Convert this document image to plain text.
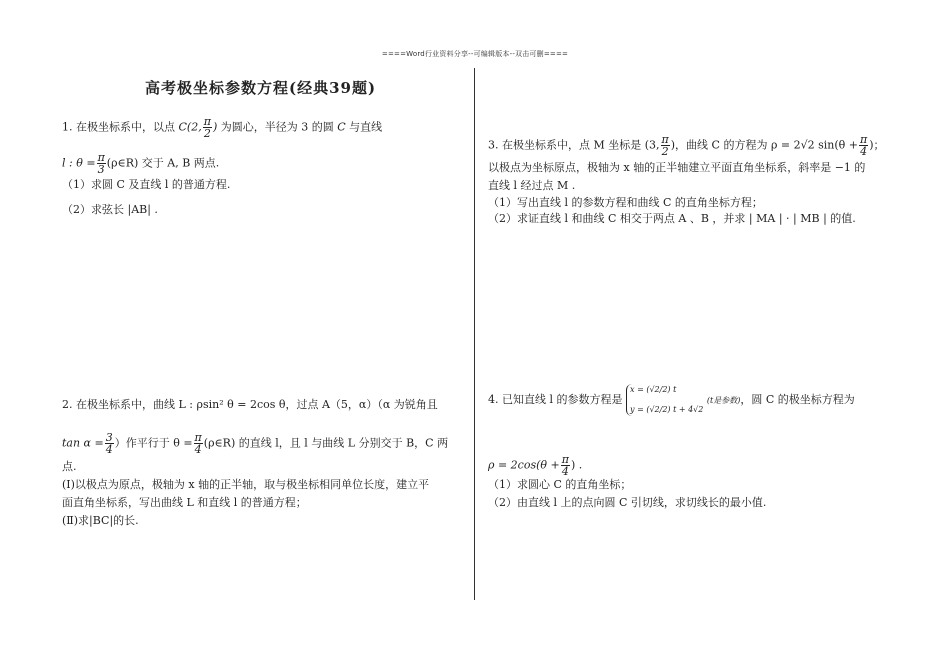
====Word行业资料分享--可编辑版本--双击可删====
高考极坐标参数方程(经典39题)
1. 在极坐标系中，以点 C(2, $\frac{\pi}{2}$ ) 为圆心，半径为 3 的圆 C 与直线
l : $\theta = \frac{\pi}{3}$ (ρ∈R) 交于 A, B 两点.
（1）求圆 C 及直线 l 的普通方程.
（2）求弦长 |AB| .
2. 在极坐标系中，曲线 L : ρsin² θ = 2cos θ，过点 A（5，α）（α 为锐角且
$\tan \alpha = \frac{3}{4}$ ）作平行于 $\theta = \frac{\pi}{4}$ (ρ∈R) 的直线 l，且 l 与曲线 L 分别交于 B，C 两
点.
(Ⅰ)以极点为原点，极轴为 x 轴的正半轴，取与极坐标相同单位长度，建立平
面直角坐标系，写出曲线 L 和直线 l 的普通方程；
(Ⅱ)求|BC|的长.
3. 在极坐标系中，点 M 坐标是 (3, $\frac{\pi}{2}$ )，曲线 C 的方程为 ρ = 2√2 $\sin(\theta + \frac{\pi}{4}$ )；
以极点为坐标原点，极轴为 x 轴的正半轴建立平面直角坐标系，斜率是 −1 的
直线 l 经过点 M .
（1）写出直线 l 的参数方程和曲线 C 的直角坐标方程；
（2）求证直线 l 和曲线 C 相交于两点 A 、B ，并求 | MA | · | MB | 的值.
4. 已知直线 l 的参数方程是
x = (√2/2) t
y = (√2/2) t + 4√2
(t是参数)，圆 C 的极坐标方程为
$\rho = 2\cos(\theta + \frac{\pi}{4}$ ) .
（1）求圆心 C 的直角坐标；
（2）由直线 l 上的点向圆 C 引切线，求切线长的最小值.
